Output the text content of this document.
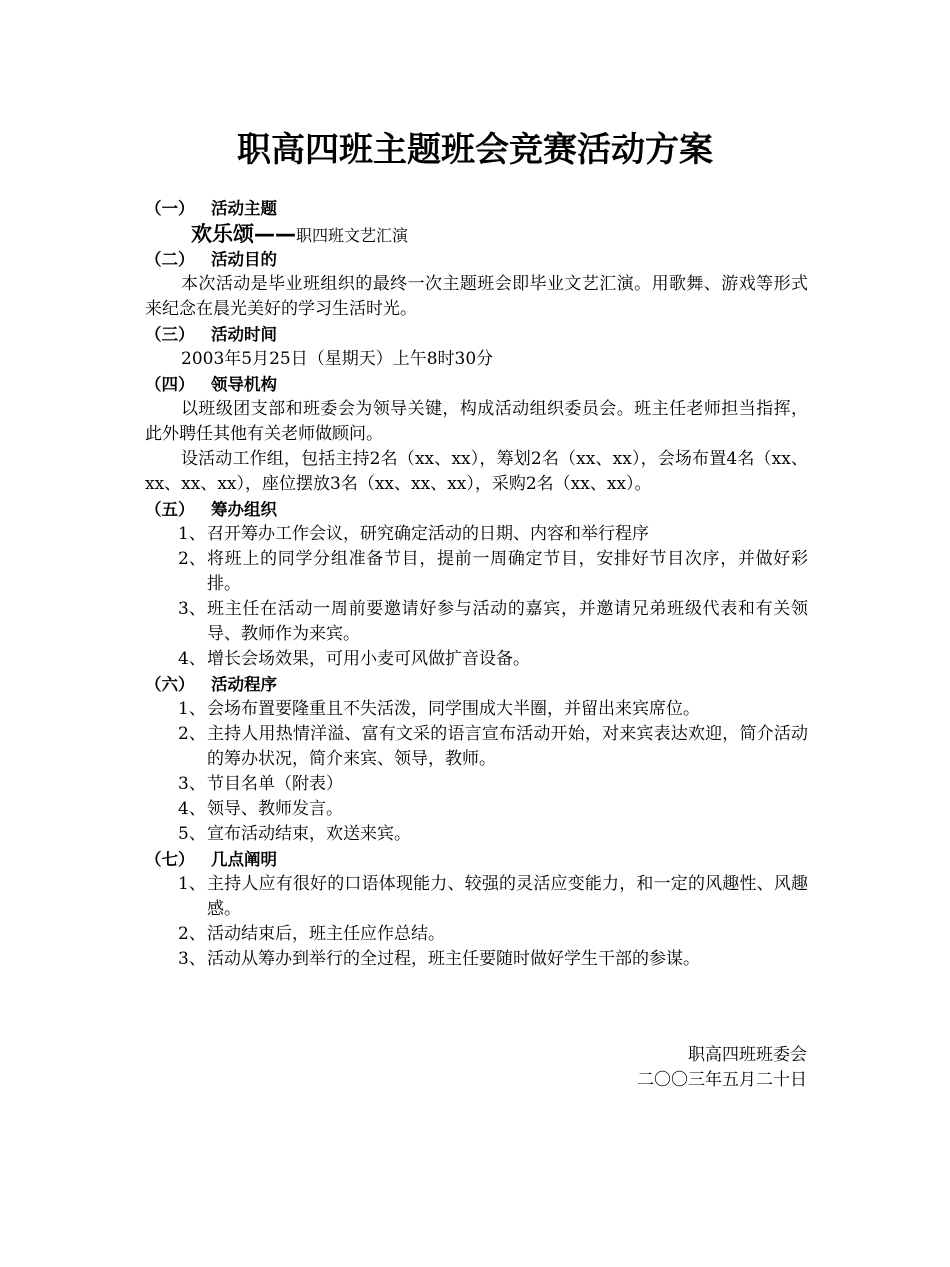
职高四班主题班会竞赛活动方案
（一） 活动主题
欢乐颂——职四班文艺汇演
（二） 活动目的
本次活动是毕业班组织的最终一次主题班会即毕业文艺汇演。用歌舞、游戏等形式来纪念在晨光美好的学习生活时光。
（三） 活动时间
2003年5月25日（星期天）上午8时30分
（四） 领导机构
以班级团支部和班委会为领导关键，构成活动组织委员会。班主任老师担当指挥，此外聘任其他有关老师做顾问。
设活动工作组，包括主持2名（xx、xx），筹划2名（xx、xx），会场布置4名（xx、xx、xx、xx），座位摆放3名（xx、xx、xx），采购2名（xx、xx）。
（五） 筹办组织
1、 召开筹办工作会议，研究确定活动的日期、内容和举行程序
2、 将班上的同学分组准备节目，提前一周确定节目，安排好节目次序，并做好彩排。
3、 班主任在活动一周前要邀请好参与活动的嘉宾，并邀请兄弟班级代表和有关领导、教师作为来宾。
4、 增长会场效果，可用小麦可风做扩音设备。
（六） 活动程序
1、 会场布置要隆重且不失活泼，同学围成大半圈，并留出来宾席位。
2、 主持人用热情洋溢、富有文采的语言宣布活动开始，对来宾表达欢迎，简介活动的筹办状况，简介来宾、领导，教师。
3、 节目名单（附表）
4、 领导、教师发言。
5、 宣布活动结束，欢送来宾。
（七） 几点阐明
1、 主持人应有很好的口语体现能力、较强的灵活应变能力，和一定的风趣性、风趣感。
2、 活动结束后，班主任应作总结。
3、 活动从筹办到举行的全过程，班主任要随时做好学生干部的参谋。
职高四班班委会
二〇〇三年五月二十日
